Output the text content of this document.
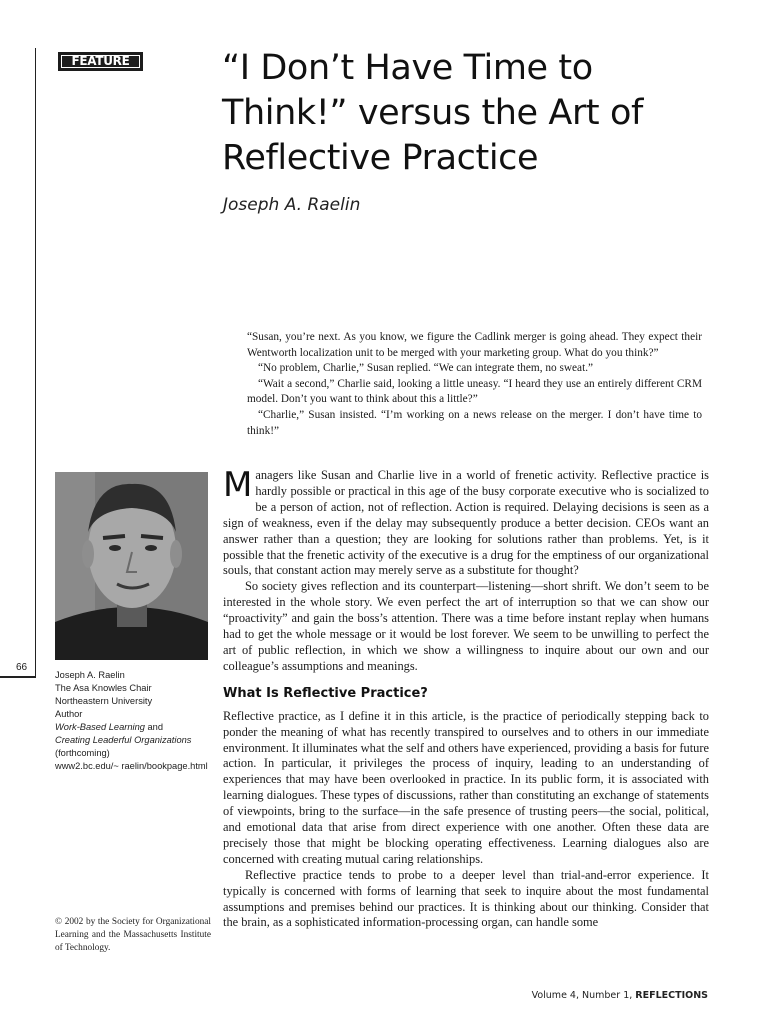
66
FEATURE	“I Don’t Have Time to Think!” versus the Art of Reflective Practice
Joseph A. Raelin

“Susan, you’re next. As you know, we figure the Cadlink merger is going ahead. They expect their Wentworth localization unit to be merged with your marketing group. What do you think?”

“No problem, Charlie,” Susan replied. “We can integrate them, no sweat.”

“Wait a second,” Charlie said, looking a little uneasy. “I heard they use an entirely different CRM model. Don’t you want to think about this a little?”

“Charlie,” Susan insisted. “I’m working on a news release on the merger. I don’t have time to think!”

Joseph A. Raelin
The Asa Knowles Chair
Northeastern University
Author
Work-Based Learning and
Creating Leaderful Organizations
(forthcoming)
www2.bc.edu/~ raelin/bookpage.html
© 2002 by the Society for Organizational Learning and the Massachusetts Institute of Technology.

Managers like Susan and Charlie live in a world of frenetic activity. Reflective practice is hardly possible or practical in this age of the busy corporate executive who is socialized to be a person of action, not of reflection. Action is required. Delaying decisions is seen as a sign of weakness, even if the delay may subsequently produce a better decision. CEOs want an answer rather than a question; they are looking for solutions rather than problems. Yet, is it possible that the frenetic activity of the executive is a drug for the emptiness of our organizational souls, that constant action may merely serve as a substitute for thought?

So society gives reflection and its counterpart—listening—short shrift. We don’t seem to be interested in the whole story. We even perfect the art of interruption so that we can show our “proactivity” and gain the boss’s attention. There was a time before instant replay when humans had to get the whole message or it would be lost forever. We seem to be unwilling to perfect the art of public reflection, in which we show a willingness to inquire about our own and our colleague’s assumptions and meanings.

What Is Reflective Practice?

Reflective practice, as I define it in this article, is the practice of periodically stepping back to ponder the meaning of what has recently transpired to ourselves and to others in our immediate environment. It illuminates what the self and others have experienced, providing a basis for future action. In particular, it privileges the process of inquiry, leading to an understanding of experiences that may have been overlooked in practice. In its public form, it is associated with learning dialogues. These types of discussions, rather than constituting an exchange of statements of viewpoints, bring to the surface—in the safe presence of trusting peers—the social, political, and emotional data that arise from direct experience with one another. Often these data are precisely those that might be blocking operating effectiveness. Learning dialogues also are concerned with creating mutual caring relationships.

Reflective practice tends to probe to a deeper level than trial-and-error experience. It typically is concerned with forms of learning that seek to inquire about the most fundamental assumptions and premises behind our practices. It is thinking about our thinking. Consider that the brain, as a sophisticated information-processing organ, can handle some

Volume 4, Number 1, REFLECTIONS
